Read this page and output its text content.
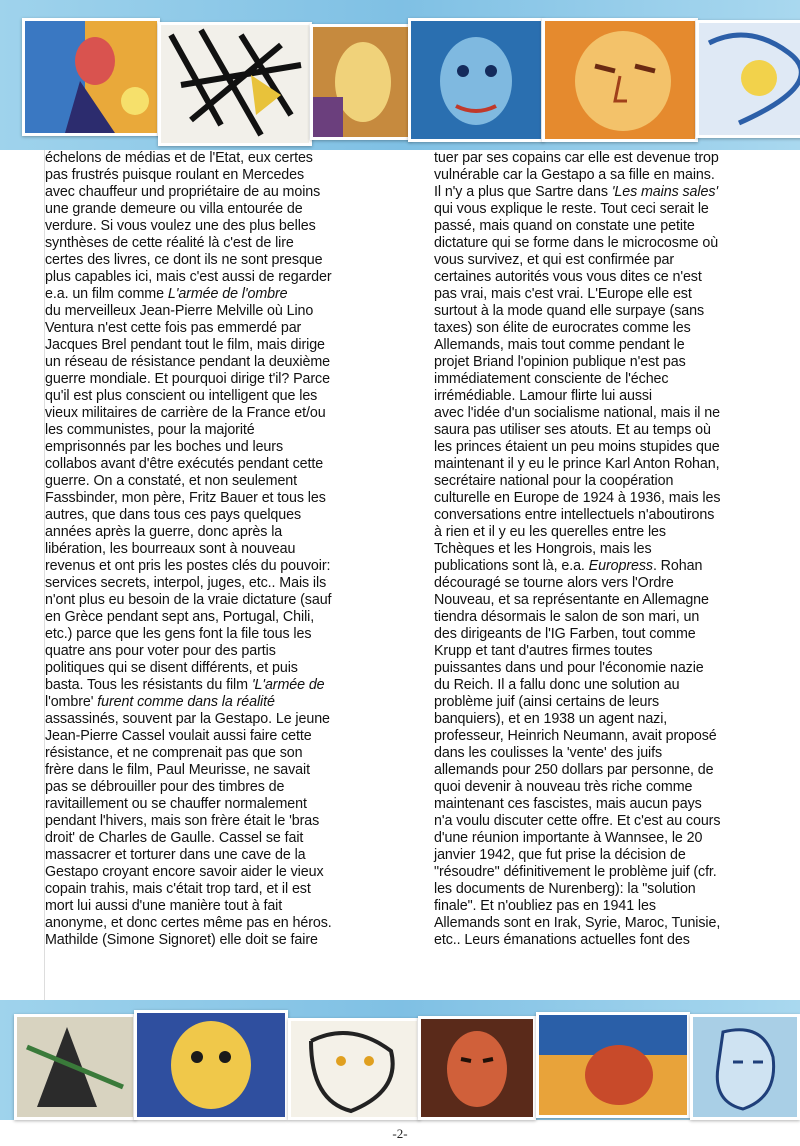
échelons de médias et de l'Etat, eux certes

pas frustrés puisque roulant en Mercedes

avec chauffeur und propriétaire de au moins

une grande demeure ou villa entourée de

verdure. Si vous voulez une des plus belles

synthèses de cette réalité là c'est de lire

certes des livres, ce dont ils ne sont presque

plus capables ici, mais c'est aussi de regarder

e.a. un film comme L'armée de l'ombre

du merveilleux Jean-Pierre Melville où Lino

Ventura n'est cette fois pas emmerdé par

Jacques Brel pendant tout le film, mais dirige

un réseau de résistance pendant la deuxième

guerre mondiale. Et pourquoi dirige t'il? Parce

qu'il est plus conscient ou intelligent que les

vieux militaires de carrière de la France et/ou

les communistes, pour la majorité

emprisonnés par les boches und leurs

collabos avant d'être exécutés pendant cette

guerre. On a constaté, et non seulement

Fassbinder, mon père, Fritz Bauer et tous les

autres, que dans tous ces pays quelques

années après la guerre, donc après la

libération, les bourreaux sont à nouveau

revenus et ont pris les postes clés du pouvoir:

services secrets, interpol, juges, etc.. Mais ils

n'ont plus eu besoin de la vraie dictature (sauf

en Grèce pendant sept ans, Portugal, Chili,

etc.) parce que les gens font la file tous les

quatre ans pour voter pour des partis

politiques qui se disent différents, et puis

basta. Tous les résistants du film 'L'armée de

l'ombre' furent comme dans la réalité

assassinés, souvent par la Gestapo. Le jeune

Jean-Pierre Cassel voulait aussi faire cette

résistance, et ne comprenait pas que son

frère dans le film, Paul Meurisse, ne savait

pas se débrouiller pour des timbres de

ravitaillement ou se chauffer normalement

pendant l'hivers, mais son frère était le 'bras

droit' de Charles de Gaulle. Cassel se fait

massacrer et torturer dans une cave de la

Gestapo croyant encore savoir aider le vieux

copain trahis, mais c'était trop tard, et il est

mort lui aussi d'une manière tout à fait

anonyme, et donc certes même pas en héros.

Mathilde (Simone Signoret) elle doit se faire

tuer par ses copains car elle est devenue trop

vulnérable car la Gestapo a sa fille en mains.

Il n'y a plus que Sartre dans 'Les mains sales'

qui vous explique le reste. Tout ceci serait le

passé, mais quand on constate une petite

dictature qui se forme dans le microcosme où

vous survivez, et qui est confirmée par

certaines autorités vous vous dites ce n'est

pas vrai, mais c'est vrai. L'Europe elle est

surtout à la mode quand elle surpaye (sans

taxes) son élite de eurocrates comme les

Allemands, mais tout comme pendant le

projet Briand l'opinion publique n'est pas

immédiatement consciente de l'échec

irrémédiable. Lamour flirte lui aussi

avec l'idée d'un socialisme national, mais il ne

saura pas utiliser ses atouts. Et au temps où

les princes étaient un peu moins stupides que

maintenant il y eu le prince Karl Anton Rohan,

secrétaire national pour la coopération

culturelle en Europe de 1924 à 1936, mais les

conversations entre intellectuels n'aboutirons

à rien et il y eu les querelles entre les

Tchèques et les Hongrois, mais les

publications sont là, e.a. Europress. Rohan

découragé se tourne alors vers l'Ordre

Nouveau, et sa représentante en Allemagne

tiendra désormais le salon de son mari, un

des dirigeants de l'IG Farben, tout comme

Krupp et tant d'autres firmes toutes

puissantes dans und pour l'économie nazie

du Reich. Il a fallu donc une solution au

problème juif (ainsi certains de leurs

banquiers), et en 1938 un agent nazi,

professeur, Heinrich Neumann, avait proposé

dans les coulisses la 'vente' des juifs

allemands pour 250 dollars par personne, de

quoi devenir à nouveau très riche comme

maintenant ces fascistes, mais aucun pays

n'a voulu discuter cette offre. Et c'est au cours

d'une réunion importante à Wannsee, le 20

janvier 1942, que fut prise la décision de

"résoudre" définitivement le problème juif (cfr.

les documents de Nurenberg): la "solution

finale". Et n'oubliez pas en 1941 les

Allemands sont en Irak, Syrie, Maroc, Tunisie,

etc.. Leurs émanations actuelles font des

-2-
